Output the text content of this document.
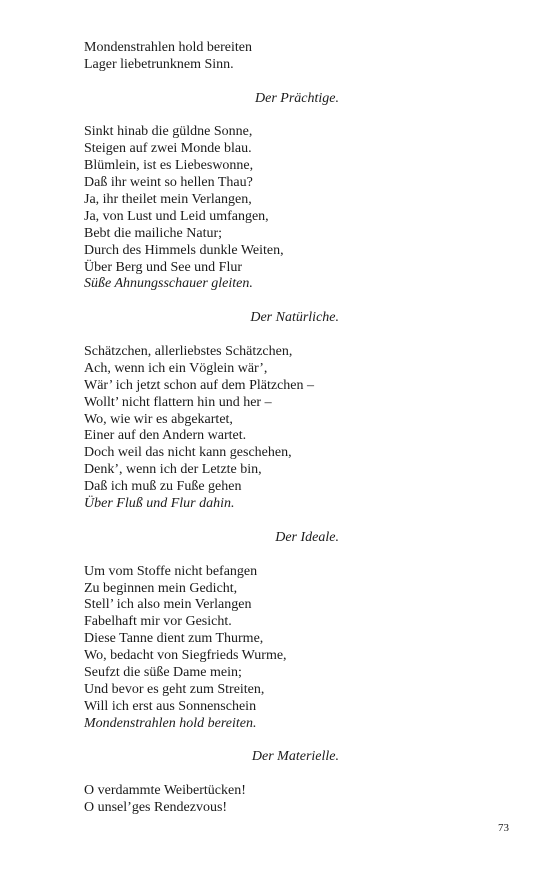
Mondenstrahlen hold bereiten
Lager liebetrunknem Sinn.
Der Prächtige.
Sinkt hinab die güldne Sonne,
Steigen auf zwei Monde blau.
Blümlein, ist es Liebeswonne,
Daß ihr weint so hellen Thau?
Ja, ihr theilet mein Verlangen,
Ja, von Lust und Leid umfangen,
Bebt die mailiche Natur;
Durch des Himmels dunkle Weiten,
Über Berg und See und Flur
Süße Ahnungsschauer gleiten.
Der Natürliche.
Schätzchen, allerliebstes Schätzchen,
Ach, wenn ich ein Vöglein wär’,
Wär’ ich jetzt schon auf dem Plätzchen –
Wollt’ nicht flattern hin und her –
Wo, wie wir es abgekartet,
Einer auf den Andern wartet.
Doch weil das nicht kann geschehen,
Denk’, wenn ich der Letzte bin,
Daß ich muß zu Fuße gehen
Über Fluß und Flur dahin.
Der Ideale.
Um vom Stoffe nicht befangen
Zu beginnen mein Gedicht,
Stell’ ich also mein Verlangen
Fabelhaft mir vor Gesicht.
Diese Tanne dient zum Thurme,
Wo, bedacht von Siegfrieds Wurme,
Seufzt die süße Dame mein;
Und bevor es geht zum Streiten,
Will ich erst aus Sonnenschein
Mondenstrahlen hold bereiten.
Der Materielle.
O verdammte Weibertücken!
O unsel’ges Rendezvous!
73
